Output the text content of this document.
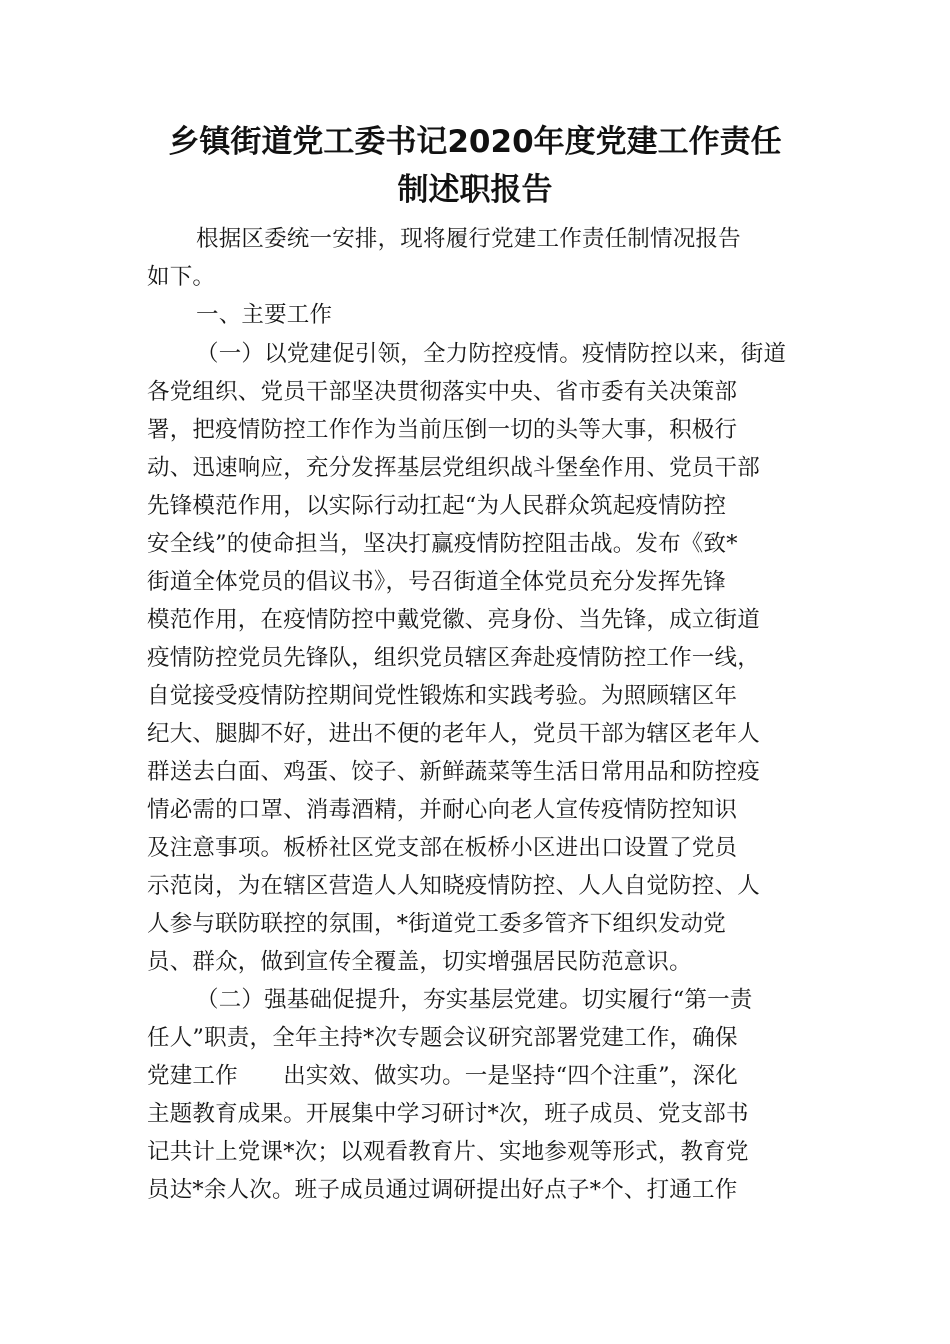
乡镇街道党工委书记2020年度党建工作责任
制述职报告
根据区委统一安排，现将履行党建工作责任制情况报告
如下。
一、主要工作
（一）以党建促引领，全力防控疫情。疫情防控以来，街道
各党组织、党员干部坚决贯彻落实中央、省市委有关决策部
署，把疫情防控工作作为当前压倒一切的头等大事，积极行
动、迅速响应，充分发挥基层党组织战斗堡垒作用、党员干部
先锋模范作用，以实际行动扛起“为人民群众筑起疫情防控
安全线”的使命担当，坚决打赢疫情防控阻击战。发布《致*
街道全体党员的倡议书》，号召街道全体党员充分发挥先锋
模范作用，在疫情防控中戴党徽、亮身份、当先锋，成立街道
疫情防控党员先锋队，组织党员辖区奔赴疫情防控工作一线，
自觉接受疫情防控期间党性锻炼和实践考验。为照顾辖区年
纪大、腿脚不好，进出不便的老年人，党员干部为辖区老年人
群送去白面、鸡蛋、饺子、新鲜蔬菜等生活日常用品和防控疫
情必需的口罩、消毒酒精，并耐心向老人宣传疫情防控知识
及注意事项。板桥社区党支部在板桥小区进出口设置了党员
示范岗，为在辖区营造人人知晓疫情防控、人人自觉防控、人
人参与联防联控的氛围，*街道党工委多管齐下组织发动党
员、群众，做到宣传全覆盖，切实增强居民防范意识。
（二）强基础促提升，夯实基层党建。切实履行“第一责
任人”职责，全年主持*次专题会议研究部署党建工作，确保
党建工作　　出实效、做实功。一是坚持“四个注重”，深化
主题教育成果。开展集中学习研讨*次，班子成员、党支部书
记共计上党课*次；以观看教育片、实地参观等形式，教育党
员达*余人次。班子成员通过调研提出好点子*个、打通工作
